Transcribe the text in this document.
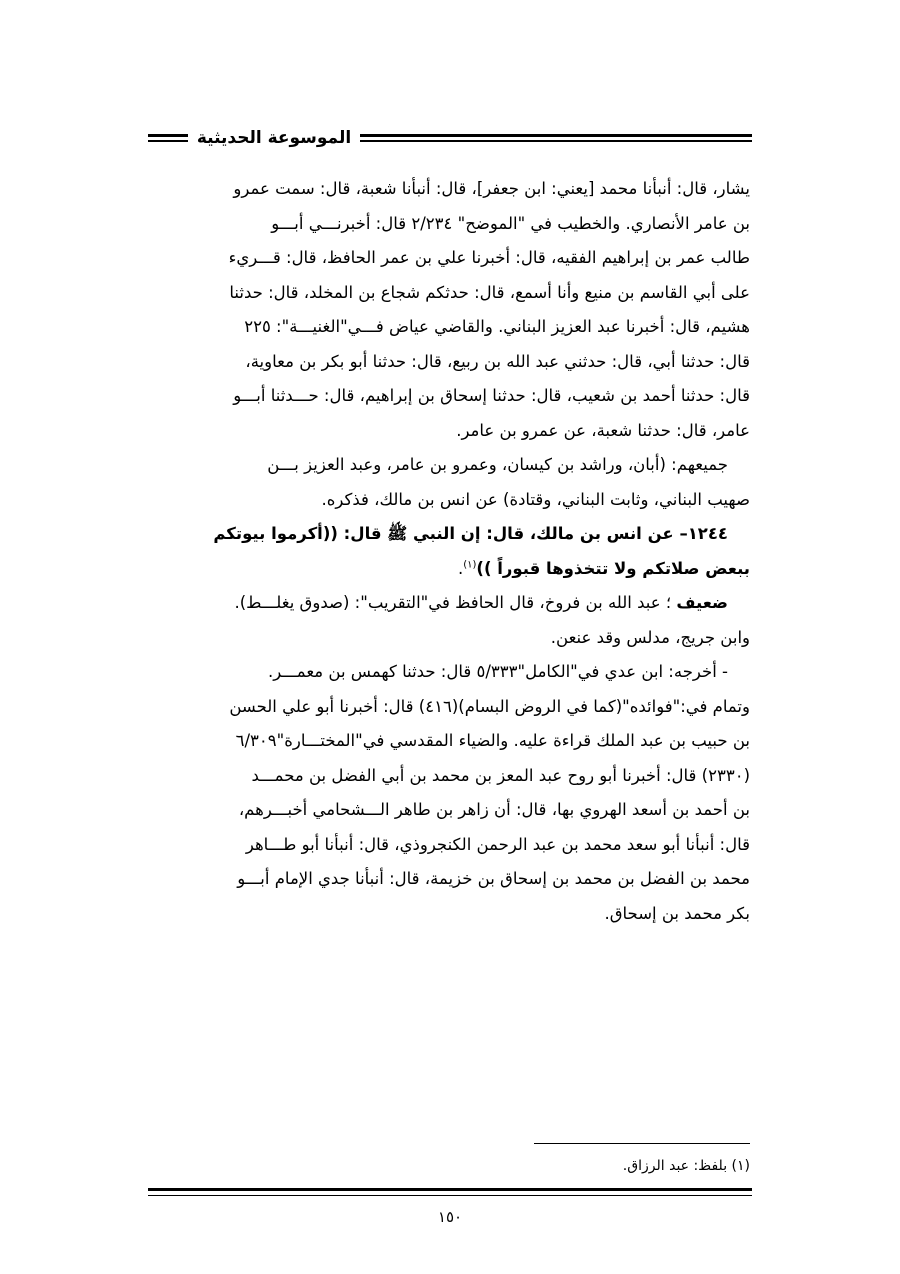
الموسوعة الحديثية

يشار، قال: أنبأنا محمد [يعني: ابن جعفر]، قال: أنبأنا شعبة، قال: سمت عمرو

بن عامر الأنصاري. والخطيب في "الموضح" ٢/٢٣٤ قال: أخبرنـــي أبـــو

طالب عمر بن إبراهيم الفقيه، قال: أخبرنا علي بن عمر الحافظ، قال: قـــريء

على أبي القاسم بن منيع وأنا أسمع، قال: حدثكم شجاع بن المخلد، قال: حدثنا

هشيم، قال: أخبرنا عبد العزيز البناني. والقاضي عياض فـــي"الغنيـــة": ٢٢٥

قال: حدثنا أبي، قال: حدثني عبد الله بن ربيع، قال: حدثنا أبو بكر بن معاوية،

قال: حدثنا أحمد بن شعيب، قال: حدثنا إسحاق بن إبراهيم، قال: حـــدثنا أبـــو

عامر، قال: حدثنا شعبة، عن عمرو بن عامر.

جميعهم: (أبان، وراشد بن كيسان، وعمرو بن عامر، وعبد العزيز بـــن

صهيب البناني، وثابت البناني، وقتادة) عن انس بن مالك، فذكره.

١٢٤٤– عن انس بن مالك، قال: إن النبي ﷺ قال: ((أكرموا بيوتكم

ببعض صلاتكم ولا تتخذوها قبوراً ))$^{(١)}$.

ضعيف ؛ عبد الله بن فروخ، قال الحافظ في"التقريب": (صدوق يغلـــط).

وابن جريج، مدلس وقد عنعن.

- أخرجه: ابن عدي في"الكامل"٥/٣٣٣ قال: حدثنا كهمس بن معمـــر.

وتمام في:"فوائده"(كما في الروض البسام)(٤١٦) قال: أخبرنا أبو علي الحسن

بن حبيب بن عبد الملك قراءة عليه. والضياء المقدسي في"المختـــارة"٦/٣٠٩

(٢٣٣٠) قال: أخبرنا أبو روح عبد المعز بن محمد بن أبي الفضل بن محمـــد

بن أحمد بن أسعد الهروي بها، قال: أن زاهر بن طاهر الـــشحامي أخبـــرهم،

قال: أنبأنا أبو سعد محمد بن عبد الرحمن الكنجروذي، قال: أنبأنا أبو طـــاهر

محمد بن الفضل بن محمد بن إسحاق بن خزيمة، قال: أنبأنا جدي الإمام أبـــو

بكر محمد بن إسحاق.

(١) بلفظ: عبد الرزاق.
١٥٠
